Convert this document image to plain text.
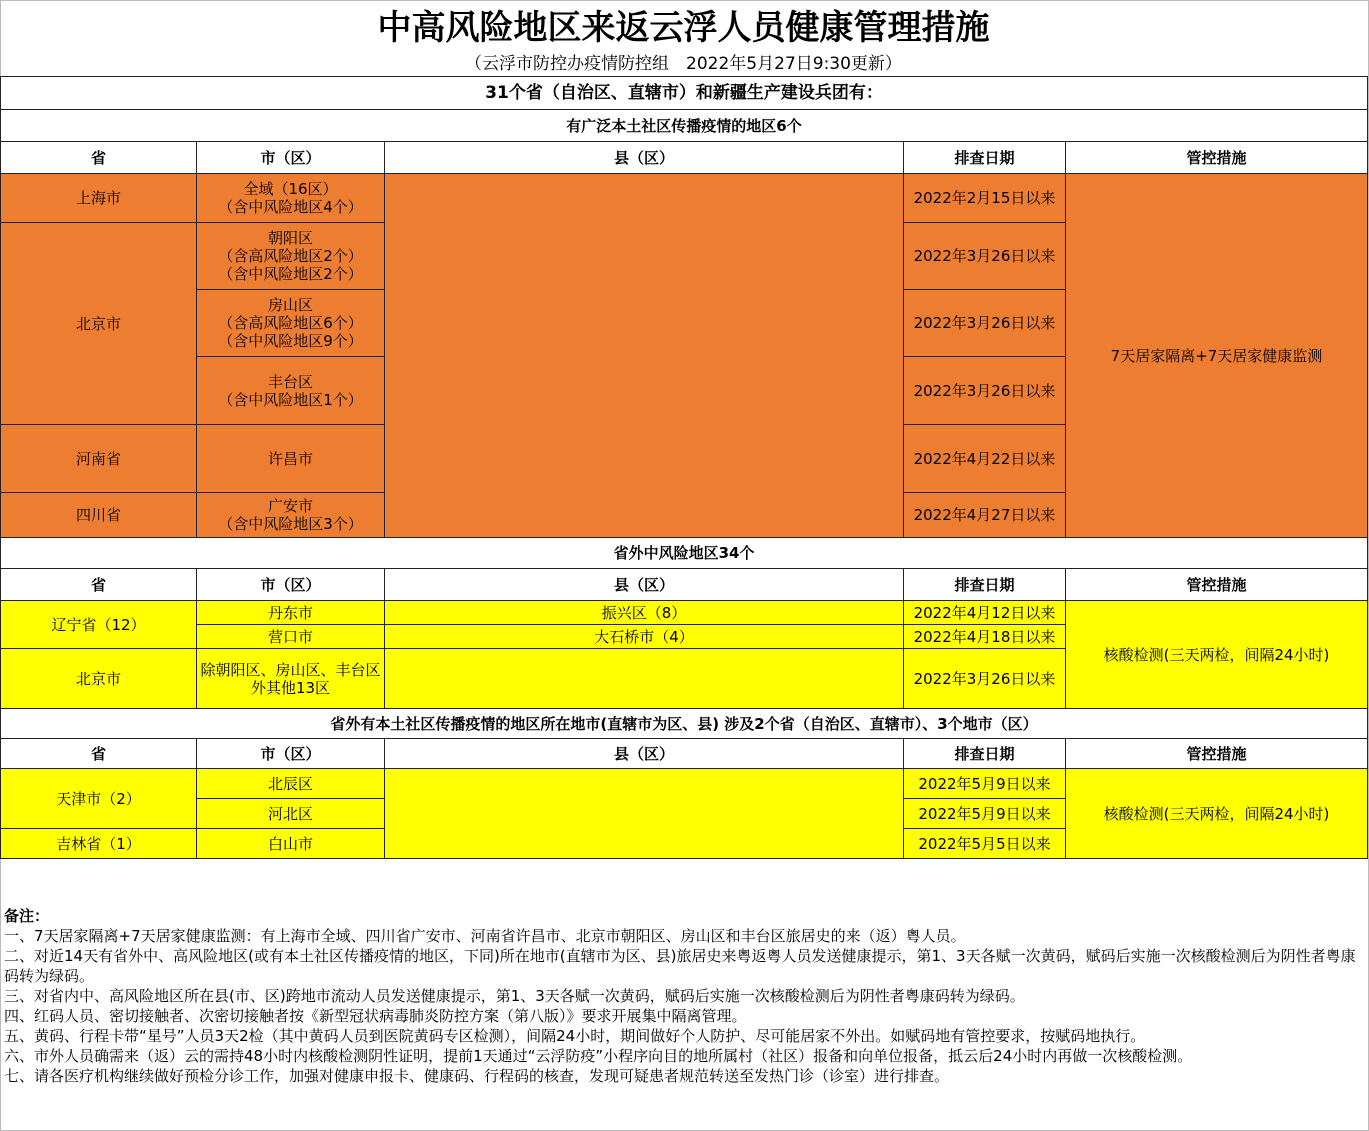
中高风险地区来返云浮人员健康管理措施
（云浮市防控办疫情防控组　2022年5月27日9:30更新）
31个省（自治区、直辖市）和新疆生产建设兵团有：				
有广泛本土社区传播疫情的地区6个				
省	市（区）	县（区）	排查日期	管控措施
上海市	全域（16区）
（含中风险地区4个）		2022年2月15日以来	7天居家隔离+7天居家健康监测
北京市	朝阳区
（含高风险地区2个）
（含中风险地区2个）		2022年3月26日以来	

	房山区
（含高风险地区6个）
（含中风险地区9个）		2022年3月26日以来	

	丰台区
（含中风险地区1个）		2022年3月26日以来	
河南省	许昌市		2022年4月22日以来	
四川省	广安市
（含中风险地区3个）		2022年4月27日以来	
省外中风险地区34个				
省	市（区）	县（区）	排查日期	管控措施
辽宁省（12）	丹东市	振兴区（8）	2022年4月12日以来	核酸检测(三天两检，间隔24小时)
	营口市	大石桥市（4）	2022年4月18日以来	
北京市	除朝阳区、房山区、丰台区外其他13区		2022年3月26日以来	
省外有本土社区传播疫情的地区所在地市(直辖市为区、县) 涉及2个省（自治区、直辖市）、3个地市（区）				
省	市（区）	县（区）	排查日期	管控措施
天津市（2）	北辰区		2022年5月9日以来	核酸检测(三天两检，间隔24小时)
	河北区		2022年5月9日以来	
吉林省（1）	白山市		2022年5月5日以来	
备注：
一、7天居家隔离+7天居家健康监测：有上海市全域、四川省广安市、河南省许昌市、北京市朝阳区、房山区和丰台区旅居史的来（返）粤人员。
二、对近14天有省外中、高风险地区(或有本土社区传播疫情的地区，下同)所在地市(直辖市为区、县)旅居史来粤返粤人员发送健康提示，第1、3天各赋一次黄码，赋码后实施一次核酸检测后为阴性者粤康码转为绿码。
三、对省内中、高风险地区所在县(市、区)跨地市流动人员发送健康提示，第1、3天各赋一次黄码，赋码后实施一次核酸检测后为阴性者粤康码转为绿码。
四、红码人员、密切接触者、次密切接触者按《新型冠状病毒肺炎防控方案（第八版）》要求开展集中隔离管理。
五、黄码、行程卡带“星号”人员3天2检（其中黄码人员到医院黄码专区检测），间隔24小时，期间做好个人防护、尽可能居家不外出。如赋码地有管控要求，按赋码地执行。
六、市外人员确需来（返）云的需持48小时内核酸检测阴性证明，提前1天通过“云浮防疫”小程序向目的地所属村（社区）报备和向单位报备，抵云后24小时内再做一次核酸检测。
七、请各医疗机构继续做好预检分诊工作，加强对健康申报卡、健康码、行程码的核查，发现可疑患者规范转送至发热门诊（诊室）进行排查。
